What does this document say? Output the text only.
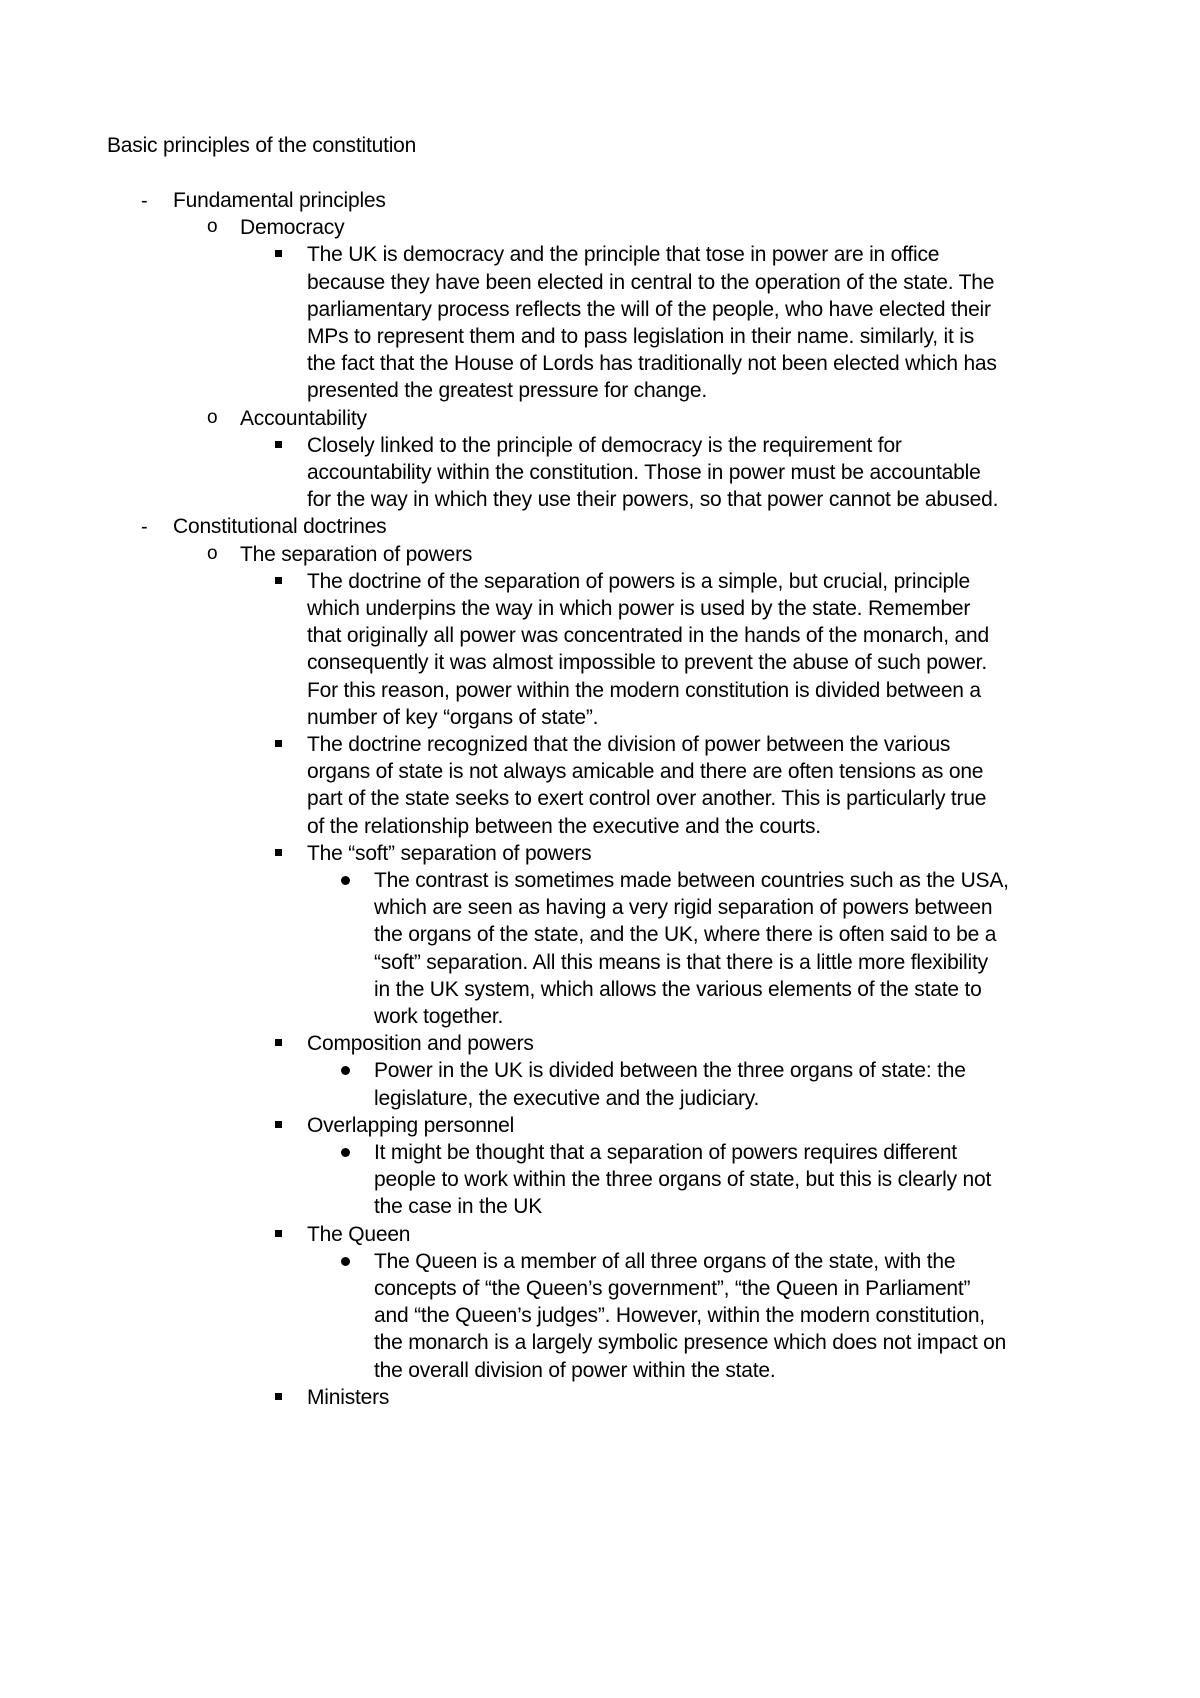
Basic principles of the constitution
- Fundamental principles
o Democracy
The UK is democracy and the principle that tose in power are in office
because they have been elected in central to the operation of the state. The
parliamentary process reflects the will of the people, who have elected their
MPs to represent them and to pass legislation in their name. similarly, it is
the fact that the House of Lords has traditionally not been elected which has
presented the greatest pressure for change.
o Accountability
Closely linked to the principle of democracy is the requirement for
accountability within the constitution. Those in power must be accountable
for the way in which they use their powers, so that power cannot be abused.
- Constitutional doctrines
o The separation of powers
The doctrine of the separation of powers is a simple, but crucial, principle
which underpins the way in which power is used by the state. Remember
that originally all power was concentrated in the hands of the monarch, and
consequently it was almost impossible to prevent the abuse of such power.
For this reason, power within the modern constitution is divided between a
number of key “organs of state”.
The doctrine recognized that the division of power between the various
organs of state is not always amicable and there are often tensions as one
part of the state seeks to exert control over another. This is particularly true
of the relationship between the executive and the courts.
The “soft” separation of powers
The contrast is sometimes made between countries such as the USA,
which are seen as having a very rigid separation of powers between
the organs of the state, and the UK, where there is often said to be a
“soft” separation. All this means is that there is a little more flexibility
in the UK system, which allows the various elements of the state to
work together.
Composition and powers
Power in the UK is divided between the three organs of state: the
legislature, the executive and the judiciary.
Overlapping personnel
It might be thought that a separation of powers requires different
people to work within the three organs of state, but this is clearly not
the case in the UK
The Queen
The Queen is a member of all three organs of the state, with the
concepts of “the Queen’s government”, “the Queen in Parliament”
and “the Queen’s judges”. However, within the modern constitution,
the monarch is a largely symbolic presence which does not impact on
the overall division of power within the state.
Ministers
